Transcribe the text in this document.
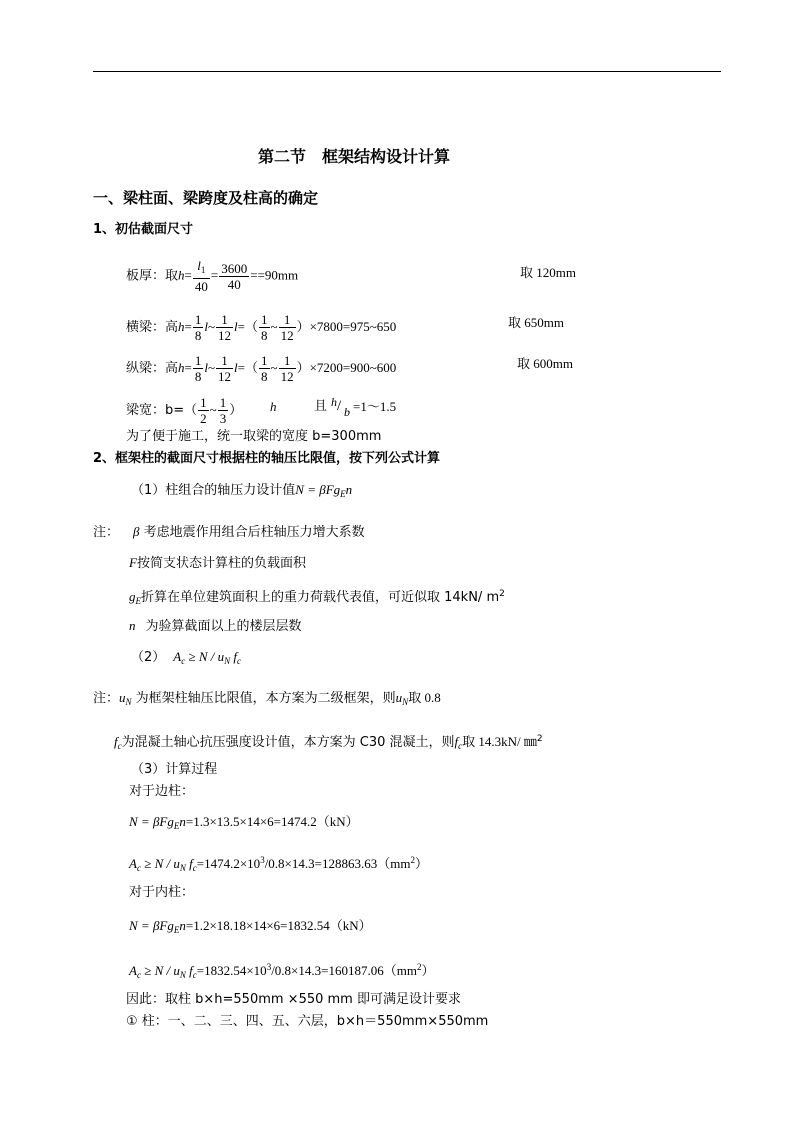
第二节　框架结构设计计算
一、梁柱面、梁跨度及柱高的确定
1、初估截面尺寸
板厚：取$h= \frac{l_1}{40} = \frac{3600}{40} ==90mm$	取 120mm
横梁：高$h= \frac{1}{8}$ l~ $\frac{1}{12} l=( \frac{1}{8}$ ~ $\frac{1}{12}$ ）×7800=975~650	取 650mm
纵梁：高$h= \frac{1}{8}$ l~ $\frac{1}{12} l=( \frac{1}{8}$ ~ $\frac{1}{12}$ ）×7200=900~600	取 600mm
梁宽：$b=( \frac{1}{2}$ ~ $\frac{1}{3}$ ） h	且 h / b =1～1.5
为了便于施工，统一取梁的宽度 b=300mm
2、框架柱的截面尺寸根据柱的轴压比限值，按下列公式计算
（1）柱组合的轴压力设计值N = βFg$_E$n
注： β 考虑地震作用组合后柱轴压力增大系数
F按简支状态计算柱的负载面积
$g_E$折算在单位建筑面积上的重力荷载代表值，可近似取 14kN/ $m^2$
n 为验算截面以上的楼层层数
（2） $A_c \ge N / u_N$ $f_c$
注：$u_N$ 为框架柱轴压比限值，本方案为二级框架，则$u_N$取 0.8
$f_c$为混凝土轴心抗压强度设计值，本方案为 C30 混凝土，则$f_c$取 14.3kN/ ㎜$^2$
（3）计算过程
对于边柱：
N = βFg$_E$n=1.3×13.5×14×6=1474.2（kN）
$A_c \ge N / u_N$ $f_c=1474.2\times 10^3/0.8\times 14.3=128863.63(mm^2)$
对于内柱：
N = βFg$_E$n=1.2×18.18×14×6=1832.54（kN）
$A_c \ge N / u_N$ $f_c=1832.54\times 10^3/0.8\times 14.3=160187.06(mm^2)$
因此：取柱 b×h=550mm ×550 mm 即可满足设计要求
① 柱：一、二、三、四、五、六层，b×h＝550mm×550mm
